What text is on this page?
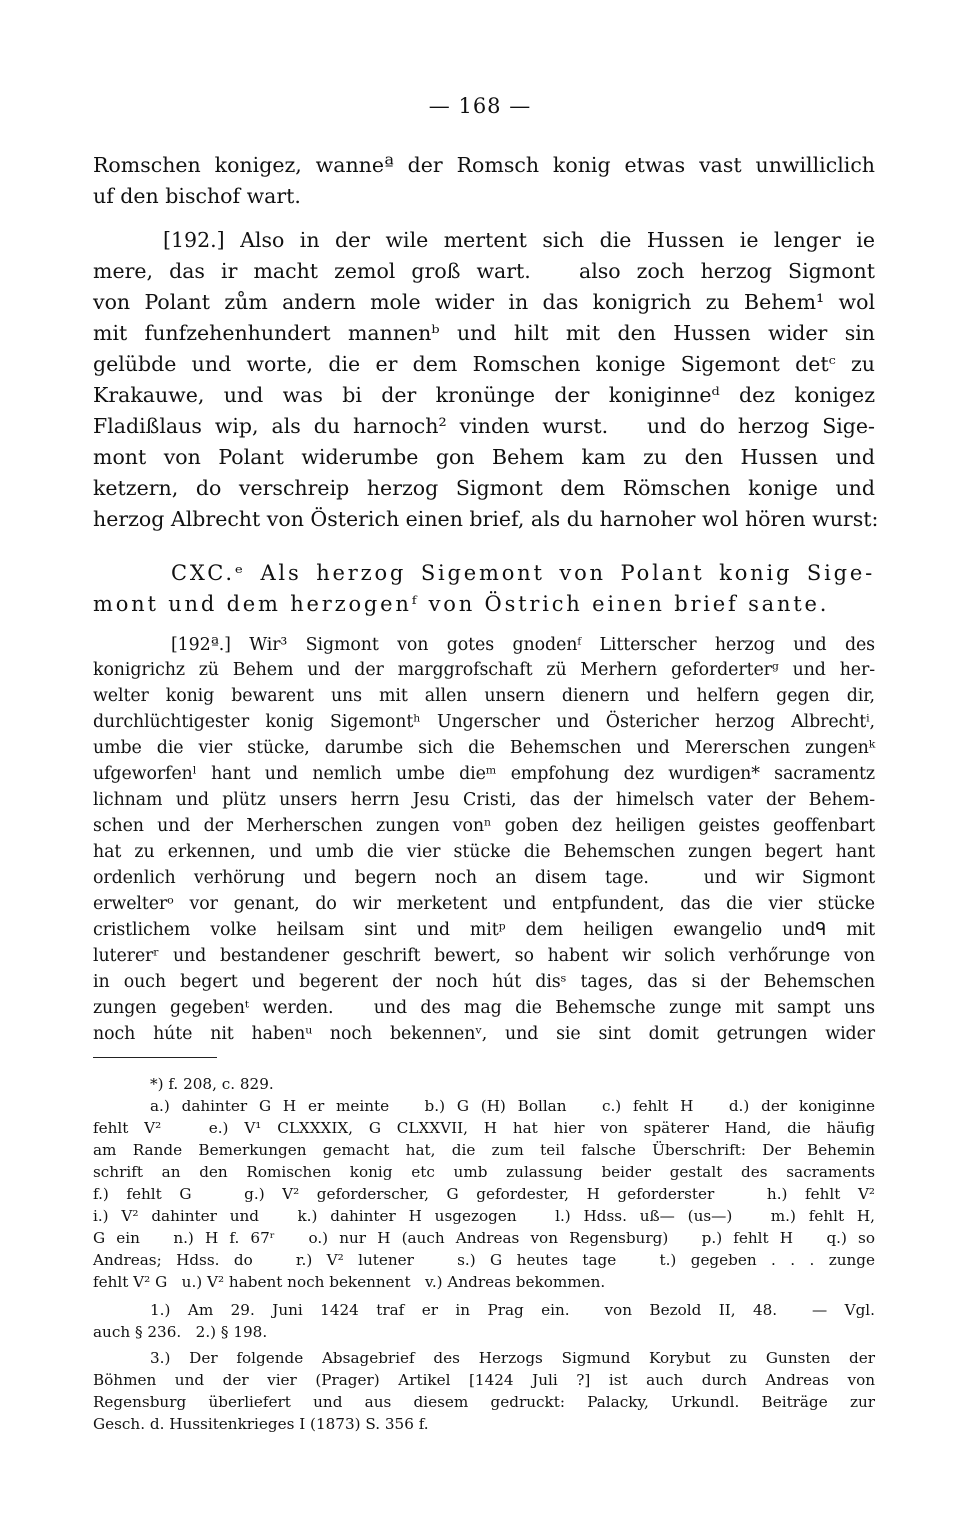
— 168 —
Romschen konigez, wanneª der Romsch konig etwas vast unwilliclich
uf den bischof wart.
[192.] Also in der wile mertent sich die Hussen ie lenger ie
mere, das ir macht zemol groß wart.   also zoch herzog Sigmont
von Polant zům andern mole wider in das konigrich zu Behem¹ wol
mit funfzehenhundert mannenᵇ und hilt mit den Hussen wider sin
gelübde und worte, die er dem Romschen konige Sigemont detᶜ zu
Krakauwe, und was bi der kronünge der koniginneᵈ dez konigez
Fladißlaus wip, als du harnoch² vinden wurst.   und do herzog Sige-
mont von Polant widerumbe gon Behem kam zu den Hussen und
ketzern, do verschreip herzog Sigmont dem Römschen konige und
herzog Albrecht von Österich einen brief, als du harnoher wol hören wurst:
CXC.ᵉ Als herzog Sigemont von Polant konig Sige-
mont und dem herzogenᶠ von Östrich einen brief sante.
[192ª.] Wir³ Sigmont von gotes gnodenᶠ Litterscher herzog und des
konigrichz zü Behem und der marggrofschaft zü Merhern geforderterᵍ und her-
welter konig bewarent uns mit allen unsern dienern und helfern gegen dir,
durchlüchtigester konig Sigemontʰ Ungerscher und Östericher herzog Albrechtⁱ,
umbe die vier stücke, darumbe sich die Behemschen und Mererschen zungenᵏ
ufgeworfenˡ hant und nemlich umbe dieᵐ empfohung dez wurdigen* sacramentz
lichnam und plütz unsers herrn Jesu Cristi, das der himelsch vater der Behem-
schen und der Merherschen zungen vonⁿ goben dez heiligen geistes geoffenbart
hat zu erkennen, und umb die vier stücke die Behemschen zungen begert hant
ordenlich verhörung und begern noch an disem tage.   und wir Sigmont
erwelterᵒ vor genant, do wir merketent und entpfundent, das die vier stücke
cristlichem volke heilsam sint und mitᵖ dem heiligen ewangelio undᑫ mit
lutererʳ und bestandener geschrift bewert, so habent wir solich verhőrunge von
in ouch begert und begerent der noch hút disˢ tages, das si der Behemschen
zungen gegebenᵗ werden.   und des mag die Behemsche zunge mit sampt uns
noch húte nit habenᵘ noch bekennenᵛ, und sie sint domit getrungen wider
*) f. 208, c. 829.
a.) dahinter G H er meinte   b.) G (H) Bollan   c.) fehlt H   d.) der koniginne
fehlt V²   e.) V¹ CLXXXIX, G CLXXVII, H hat hier von späterer Hand, die häufig
am Rande Bemerkungen gemacht hat, die zum teil falsche Überschrift: Der Behemin
schrift an den Romischen konig etc umb zulassung beider gestalt des sacraments
f.) fehlt G   g.) V² geforderscher, G gefordester, H geforderster   h.) fehlt V²
i.) V² dahinter und   k.) dahinter H usgezogen   l.) Hdss. uß— (us—)   m.) fehlt H,
G ein   n.) H f. 67ʳ   o.) nur H (auch Andreas von Regensburg)   p.) fehlt H   q.) so
Andreas; Hdss. do   r.) V² lutener   s.) G heutes tage   t.) gegeben . . . zunge
fehlt V² G   u.) V² habent noch bekennent   v.) Andreas bekommen.
1.) Am 29. Juni 1424 traf er in Prag ein.  von Bezold II, 48.  — Vgl.
auch § 236.   2.) § 198.
3.) Der folgende Absagebrief des Herzogs Sigmund Korybut zu Gunsten der
Böhmen und der vier (Prager) Artikel [1424 Juli ?] ist auch durch Andreas von
Regensburg überliefert und aus diesem gedruckt: Palacky, Urkundl. Beiträge zur
Gesch. d. Hussitenkrieges I (1873) S. 356 f.
